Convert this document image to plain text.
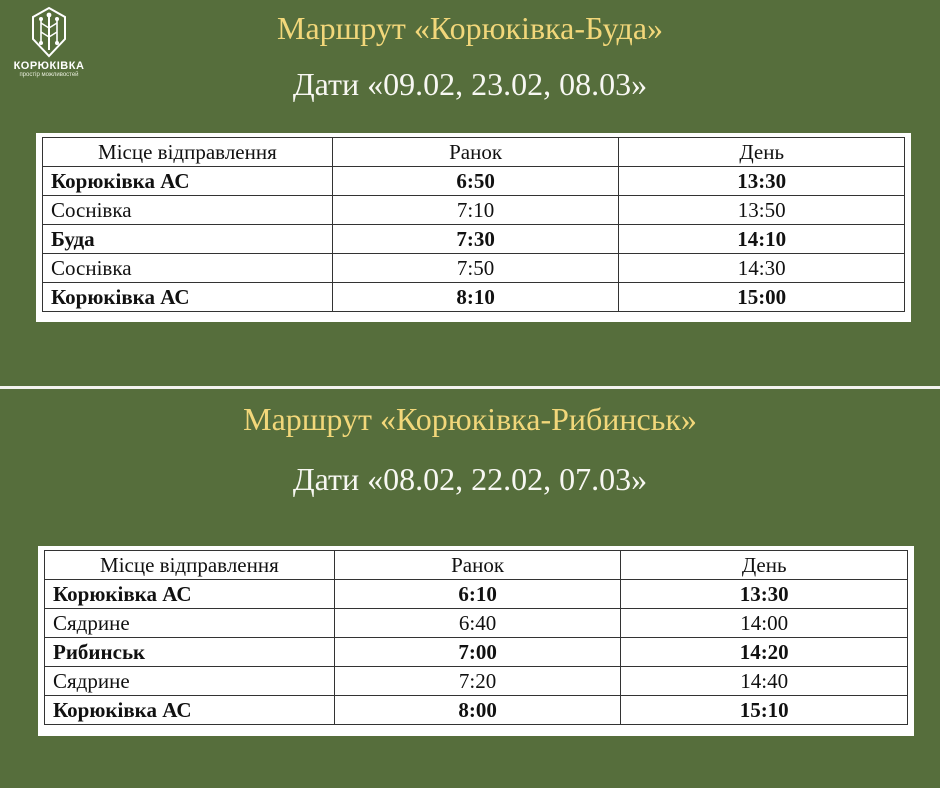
КОРЮКІВКА
простір можливостей
Маршрут «Корюківка-Буда»
Дати «09.02, 23.02, 08.03»
Місце відправлення	Ранок	День
Корюківка АС	6:50	13:30
Соснівка	7:10	13:50
Буда	7:30	14:10
Соснівка	7:50	14:30
Корюківка АС	8:10	15:00
Маршрут «Корюківка-Рибинськ»
Дати «08.02, 22.02, 07.03»
Місце відправлення	Ранок	День
Корюківка АС	6:10	13:30
Сядрине	6:40	14:00
Рибинськ	7:00	14:20
Сядрине	7:20	14:40
Корюківка АС	8:00	15:10
